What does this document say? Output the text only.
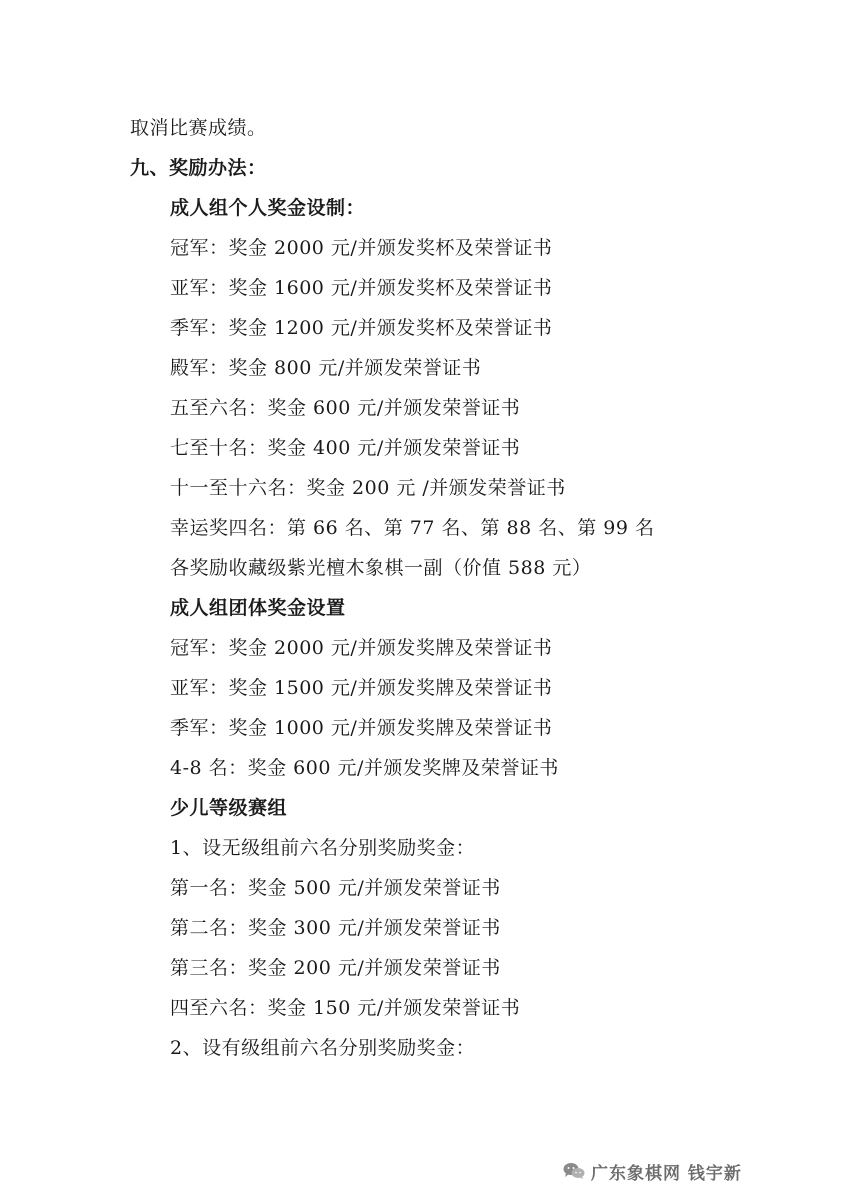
取消比赛成绩。
九、奖励办法：
成人组个人奖金设制：
冠军：奖金 2000 元/并颁发奖杯及荣誉证书
亚军：奖金 1600 元/并颁发奖杯及荣誉证书
季军：奖金 1200 元/并颁发奖杯及荣誉证书
殿军：奖金 800 元/并颁发荣誉证书
五至六名：奖金 600 元/并颁发荣誉证书
七至十名：奖金 400 元/并颁发荣誉证书
十一至十六名：奖金 200 元 /并颁发荣誉证书
幸运奖四名：第 66 名、第 77 名、第 88 名、第 99 名
各奖励收藏级紫光檀木象棋一副（价值 588 元）
成人组团体奖金设置
冠军：奖金 2000 元/并颁发奖牌及荣誉证书
亚军：奖金 1500 元/并颁发奖牌及荣誉证书
季军：奖金 1000 元/并颁发奖牌及荣誉证书
4-8 名：奖金 600 元/并颁发奖牌及荣誉证书
少儿等级赛组
1、设无级组前六名分别奖励奖金：
第一名：奖金 500 元/并颁发荣誉证书
第二名：奖金 300 元/并颁发荣誉证书
第三名：奖金 200 元/并颁发荣誉证书
四至六名：奖金 150 元/并颁发荣誉证书
2、设有级组前六名分别奖励奖金：
广东象棋网 钱宇新
